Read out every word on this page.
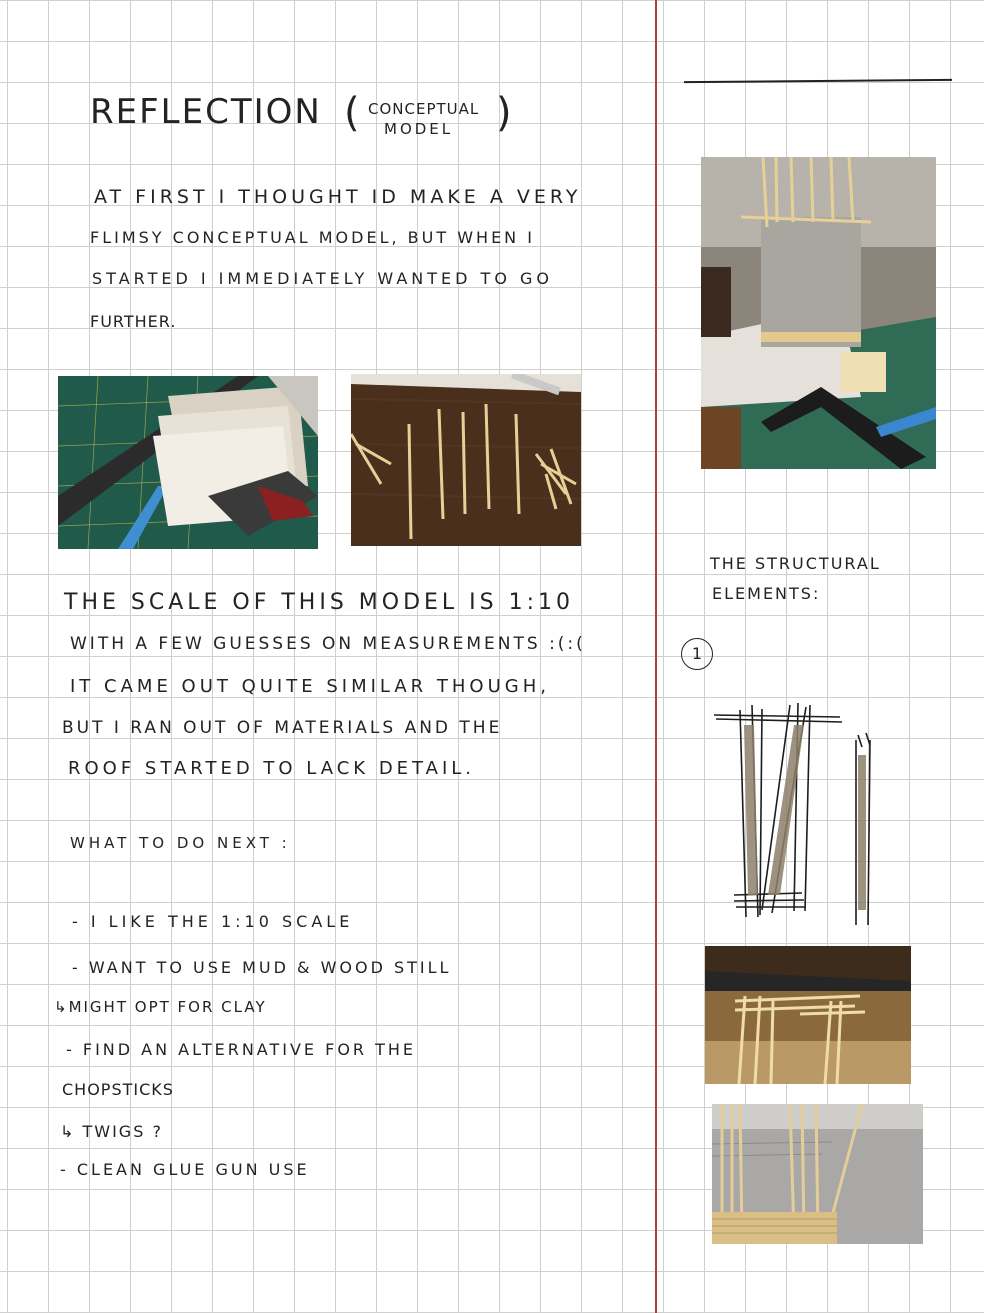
REFLECTION ( CONCEPTUAL
MODEL )
AT FIRST I THOUGHT ID MAKE A VERY
FLIMSY CONCEPTUAL MODEL, BUT WHEN I
STARTED I IMMEDIATELY WANTED TO GO
FURTHER.
THE SCALE OF THIS MODEL IS 1:10
WITH A FEW GUESSES ON MEASUREMENTS :(:(
IT CAME OUT QUITE SIMILAR THOUGH,
BUT I RAN OUT OF MATERIALS AND THE
ROOF STARTED TO LACK DETAIL.
WHAT TO DO NEXT :
- I LIKE THE 1:10 SCALE
- WANT TO USE MUD & WOOD STILL
↳MIGHT OPT FOR CLAY
- FIND AN ALTERNATIVE FOR THE
CHOPSTICKS
↳ TWIGS ?
- CLEAN GLUE GUN USE
THE STRUCTURAL
ELEMENTS:
1
